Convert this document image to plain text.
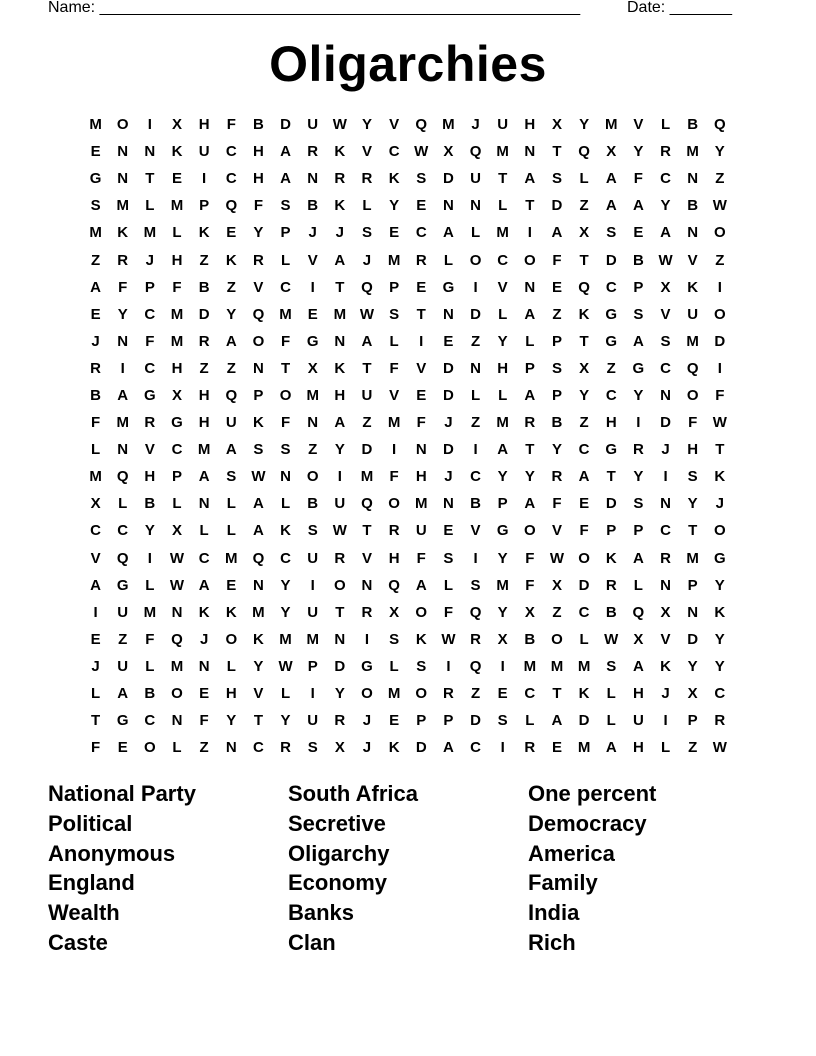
Name: ______________________________________________________	Date: _______
Oligarchies
M	O	I	X	H	F	B	D	U W	Y	V	Q	M	J	U	H	X	Y	M	V	L	B	Q
E	N	N	K	U	C	H	A	R	K	V	C W	X	Q	M	N	T	Q	X	Y	R	M	Y
G	N	T	E	I	C	H	A	N	R	R	K	S	D	U	T	A	S	L	A	F	C	N	Z
S	M	L	M	P	Q	F	S	B	K	L	Y	E	N	N	L	T	D	Z	A	A	Y	B W
M	K	M	L	K	E	Y	P	J	J	S	E	C	A	L	M	I	A	X	S	E	A	N	O
Z	R	J	H	Z	K	R	L	V	A	J	M	R	L	O	C	O	F	T	D	B W	V	Z
A	F	P	F	B	Z	V	C	I	T	Q	P	E	G	I	V	N	E	Q	C	P	X	K	I
E	Y	C	M	D	Y	Q	M	E	M W	S	T	N	D	L	A	Z	K	G	S	V	U	O
J	N	F	M	R	A	O	F	G	N	A	L	I	E	Z	Y	L	P	T	G	A	S	M	D
R	I	C	H	Z	Z	N	T	X	K	T	F	V	D	N	H	P	S	X	Z	G	C	Q	I
B	A	G	X	H	Q	P	O	M	H	U	V	E	D	L	L	A	P	Y	C	Y	N	O	F
F	M	R	G	H	U	K	F	N	A	Z	M	F	J	Z	M	R	B	Z	H	I	D	F	W
L	N	V	C	M	A	S	S	Z	Y	D	I	N	D	I	A	T	Y	C	G	R	J	H	T
M	Q	H	P	A	S	W N	O	I	M	F	H	J	C	Y	Y	R	A	T	Y	I	S	K
X	L	B	L	N	L	A	L	B	U	Q	O	M	N	B	P	A	F	E	D	S	N	Y	J
C	C	Y	X	L	L	A	K	S	W	T	R	U	E	V	G	O	V	F	P	P	C	T	O
V	Q	I	W C	M	Q	C	U	R	V	H	F	S	I	Y	F	W O	K	A	R	M	G
A	G	L	W A	E	N	Y	I	O	N	Q	A	L	S	M	F	X	D	R	L	N	P	Y
I	U	M	N	K	K	M	Y	U	T	R	X	O	F	Q	Y	X	Z	C	B	Q	X	N	K
E	Z	F	Q	J	O	K	M M	N	I	S	K W R	X	B	O	L	W	X	V	D	Y
J	U	L	M	N	L	Y	W	P	D	G	L	S	I	Q	I	M M M	S	A	K	Y	Y
L	A	B	O	E	H	V	L	I	Y	O	M	O	R	Z	E	C	T	K	L	H	J	X	C
T	G	C	N	F	Y	T	Y	U	R	J	E	P	P	D	S	L	A	D	L	U	I	P	R
F	E	O	L	Z	N	C	R	S	X	J	K	D	A	C	I	R	E	M	A	H	L	Z	W
National Party	South Africa	One percent
Political	Secretive	Democracy
Anonymous	Oligarchy	America
England	Economy	Family
Wealth	Banks	India
Caste	Clan	Rich
